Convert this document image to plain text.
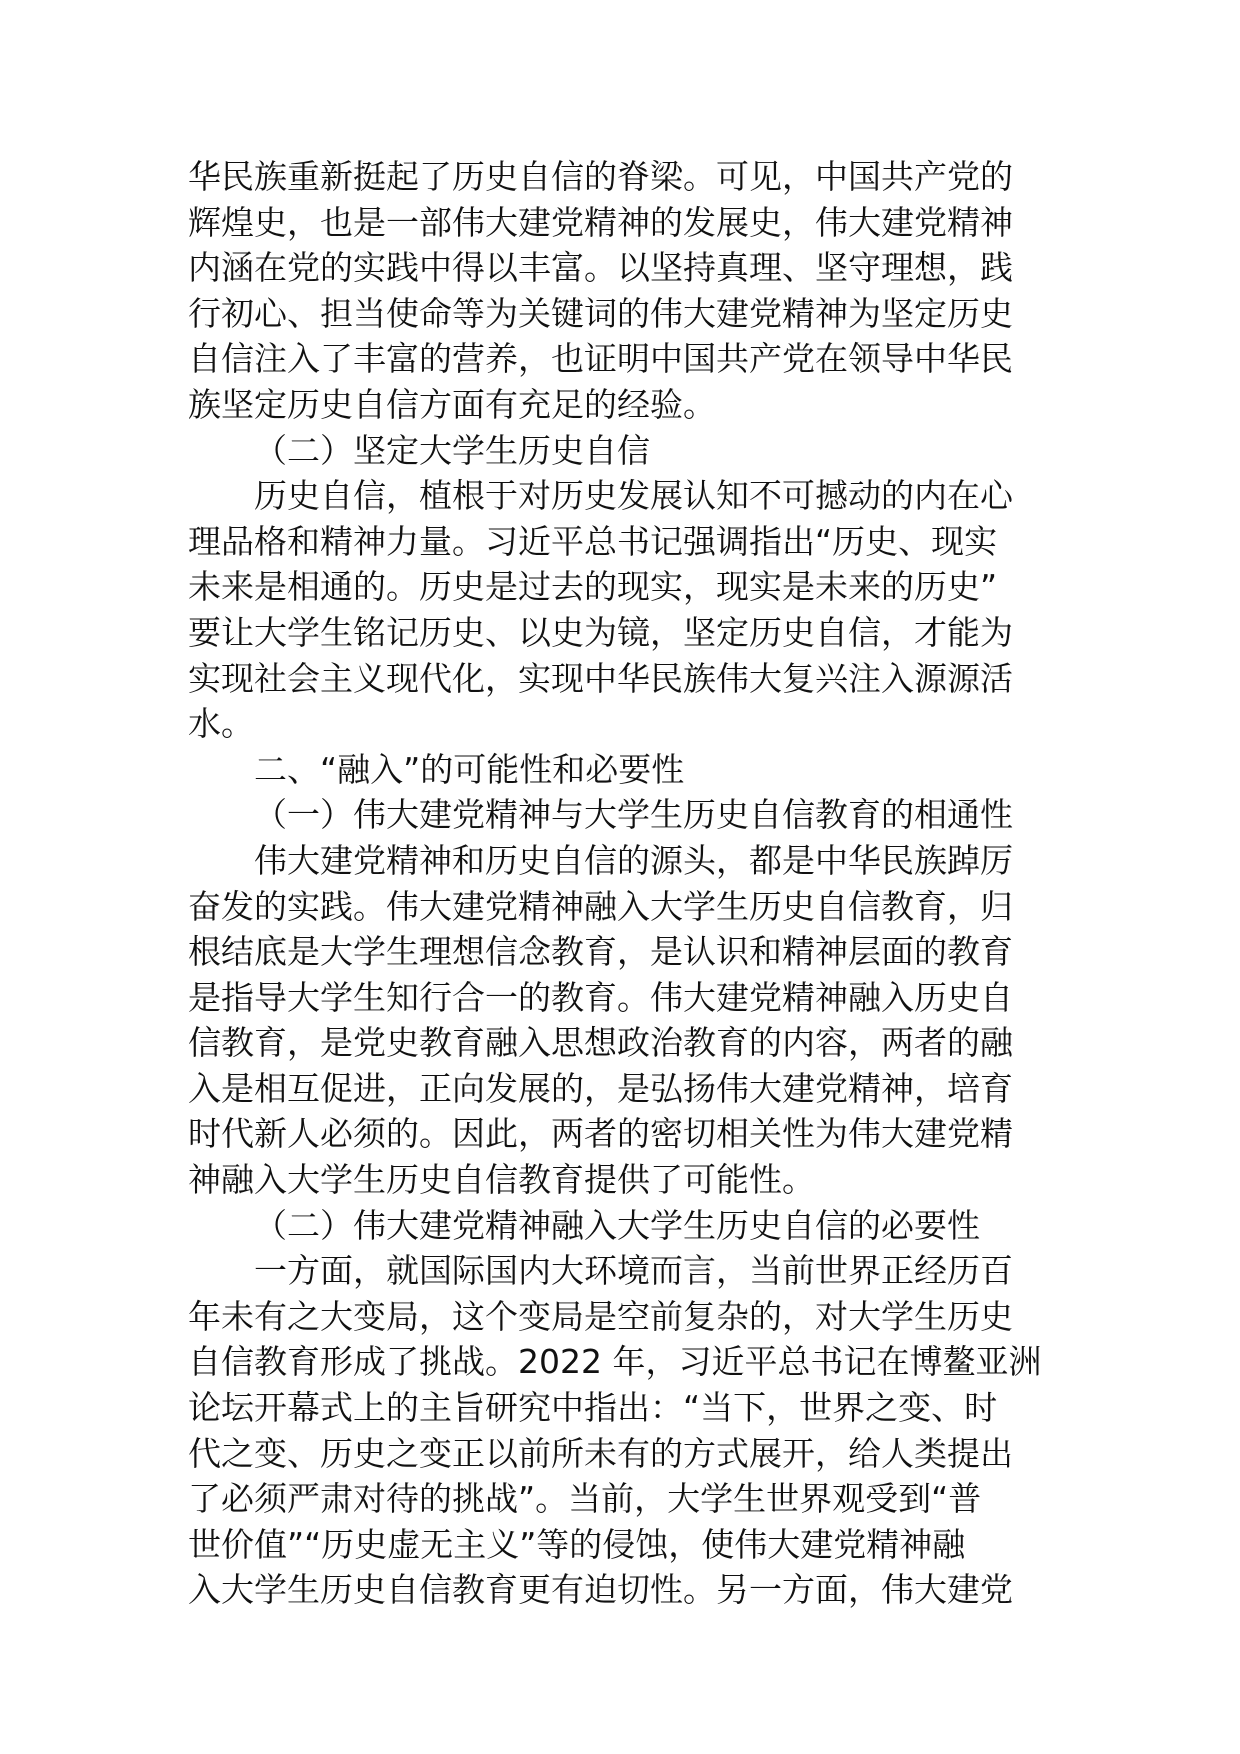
华民族重新挺起了历史自信的脊梁。可见，中国共产党的
辉煌史，也是一部伟大建党精神的发展史，伟大建党精神
内涵在党的实践中得以丰富。以坚持真理、坚守理想，践
行初心、担当使命等为关键词的伟大建党精神为坚定历史
自信注入了丰富的营养，也证明中国共产党在领导中华民
族坚定历史自信方面有充足的经验。

（二）坚定大学生历史自信

历史自信，植根于对历史发展认知不可撼动的内在心
理品格和精神力量。习近平总书记强调指出“历史、现实
未来是相通的。历史是过去的现实，现实是未来的历史”
要让大学生铭记历史、以史为镜，坚定历史自信，才能为
实现社会主义现代化，实现中华民族伟大复兴注入源源活
水。

二、“融入”的可能性和必要性

（一）伟大建党精神与大学生历史自信教育的相通性

伟大建党精神和历史自信的源头，都是中华民族踔厉
奋发的实践。伟大建党精神融入大学生历史自信教育，归
根结底是大学生理想信念教育，是认识和精神层面的教育
是指导大学生知行合一的教育。伟大建党精神融入历史自
信教育，是党史教育融入思想政治教育的内容，两者的融
入是相互促进，正向发展的，是弘扬伟大建党精神，培育
时代新人必须的。因此，两者的密切相关性为伟大建党精
神融入大学生历史自信教育提供了可能性。

（二）伟大建党精神融入大学生历史自信的必要性

一方面，就国际国内大环境而言，当前世界正经历百
年未有之大变局，这个变局是空前复杂的，对大学生历史
自信教育形成了挑战。2022 年，习近平总书记在博鳌亚洲
论坛开幕式上的主旨研究中指出：“当下，世界之变、时
代之变、历史之变正以前所未有的方式展开，给人类提出
了必须严肃对待的挑战”。当前，大学生世界观受到“普
世价值”“历史虚无主义”等的侵蚀，使伟大建党精神融
入大学生历史自信教育更有迫切性。另一方面，伟大建党
